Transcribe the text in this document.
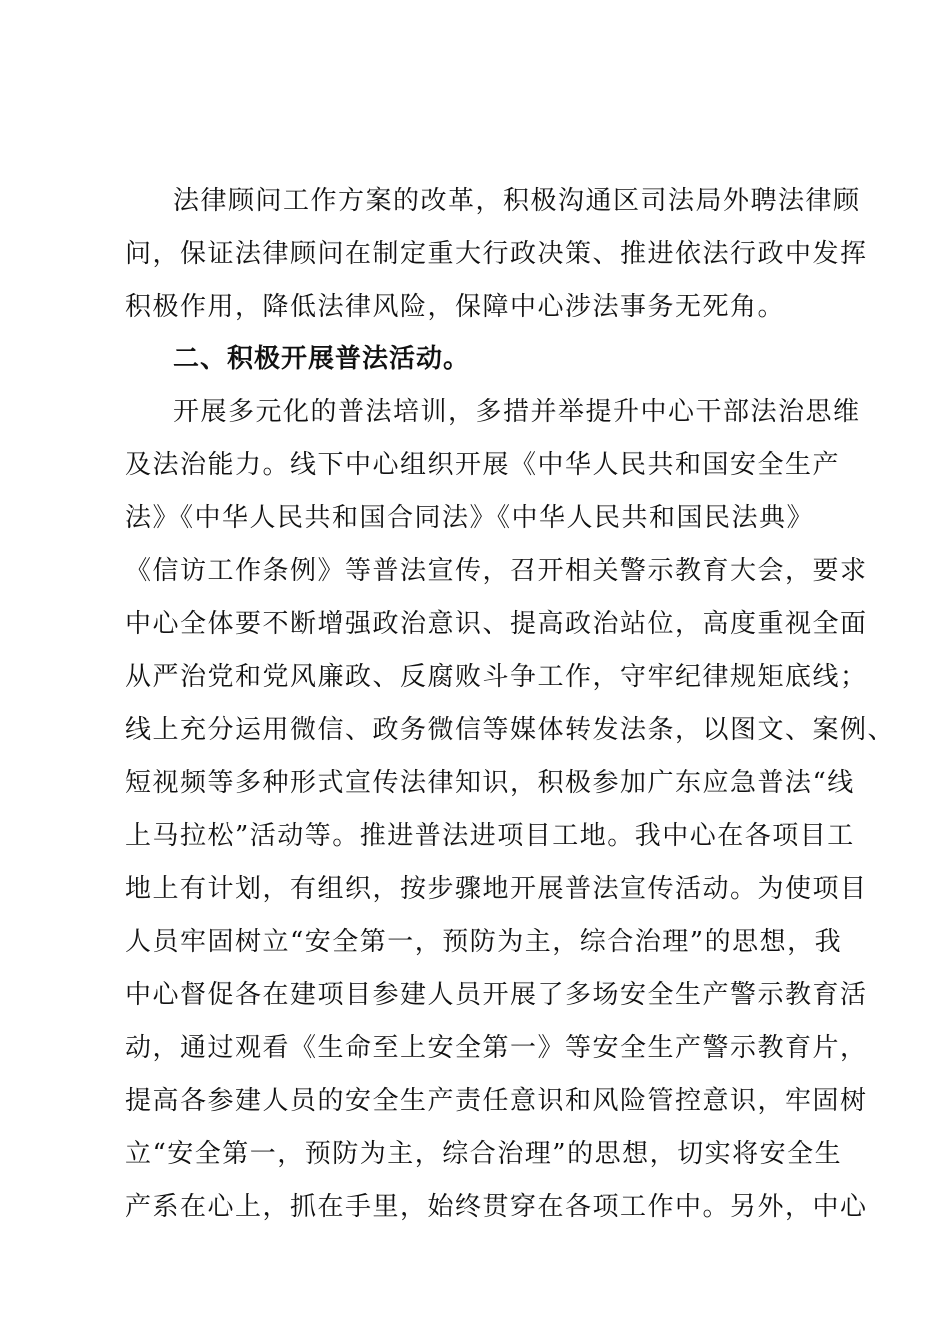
法律顾问工作方案的改革，积极沟通区司法局外聘法律顾
问，保证法律顾问在制定重大行政决策、推进依法行政中发挥
积极作用，降低法律风险，保障中心涉法事务无死角。
二、积极开展普法活动。
开展多元化的普法培训，多措并举提升中心干部法治思维
及法治能力。线下中心组织开展《中华人民共和国安全生产
法》《中华人民共和国合同法》《中华人民共和国民法典》
《信访工作条例》等普法宣传，召开相关警示教育大会，要求
中心全体要不断增强政治意识、提高政治站位，高度重视全面
从严治党和党风廉政、反腐败斗争工作，守牢纪律规矩底线；
线上充分运用微信、政务微信等媒体转发法条，以图文、案例、
短视频等多种形式宣传法律知识，积极参加广东应急普法“线
上马拉松”活动等。推进普法进项目工地。我中心在各项目工
地上有计划，有组织，按步骤地开展普法宣传活动。为使项目
人员牢固树立“安全第一，预防为主，综合治理”的思想，我
中心督促各在建项目参建人员开展了多场安全生产警示教育活
动，通过观看《生命至上安全第一》等安全生产警示教育片，
提高各参建人员的安全生产责任意识和风险管控意识，牢固树
立“安全第一，预防为主，综合治理”的思想，切实将安全生
产系在心上，抓在手里，始终贯穿在各项工作中。另外，中心
